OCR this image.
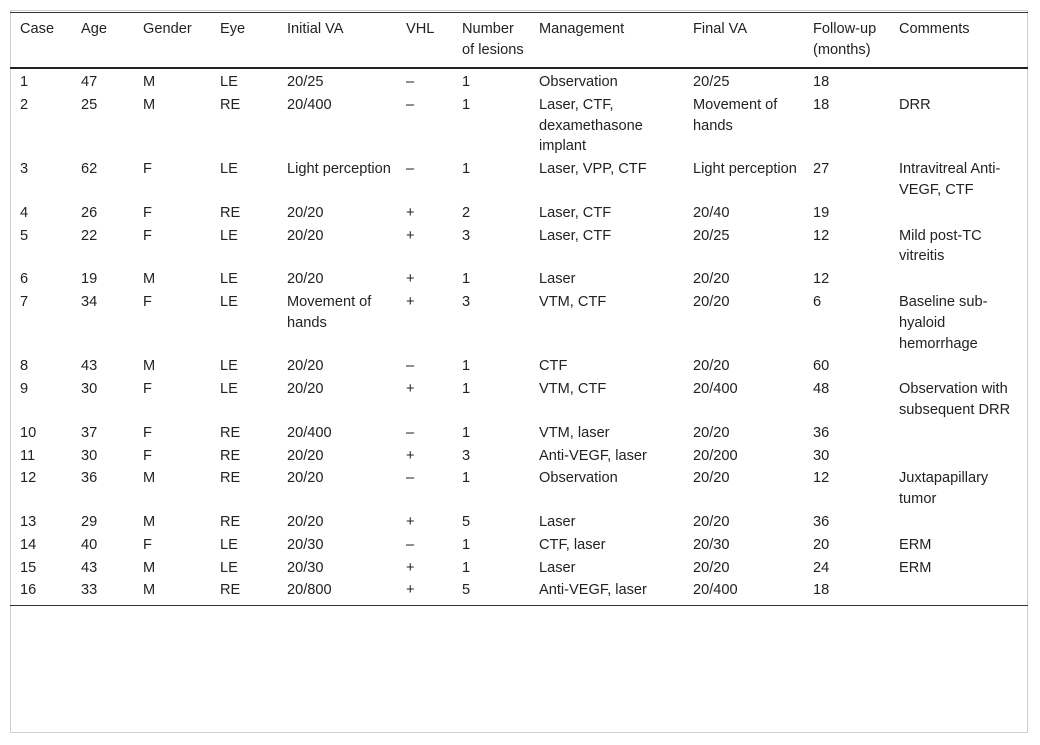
Case	Age	Gender	Eye	Initial VA	VHL	Number of lesions	Management	Final VA	Follow-up (months)	Comments
1	47	M	LE	20/25	–	1	Observation	20/25	18	
2	25	M	RE	20/400	–	1	Laser, CTF, dexamethasone implant	Movement of hands	18	DRR
3	62	F	LE	Light perception	–	1	Laser, VPP, CTF	Light perception	27	Intravitreal Anti-VEGF, CTF
4	26	F	RE	20/20	+	2	Laser, CTF	20/40	19	
5	22	F	LE	20/20	+	3	Laser, CTF	20/25	12	Mild post-TC vitreitis
6	19	M	LE	20/20	+	1	Laser	20/20	12	
7	34	F	LE	Movement of hands	+	3	VTM, CTF	20/20	6	Baseline sub-hyaloid hemorrhage
8	43	M	LE	20/20	–	1	CTF	20/20	60	
9	30	F	LE	20/20	+	1	VTM, CTF	20/400	48	Observation with subsequent DRR
10	37	F	RE	20/400	–	1	VTM, laser	20/20	36	
11	30	F	RE	20/20	+	3	Anti-VEGF, laser	20/200	30	
12	36	M	RE	20/20	–	1	Observation	20/20	12	Juxtapapillary tumor
13	29	M	RE	20/20	+	5	Laser	20/20	36	
14	40	F	LE	20/30	–	1	CTF, laser	20/30	20	ERM
15	43	M	LE	20/30	+	1	Laser	20/20	24	ERM
16	33	M	RE	20/800	+	5	Anti-VEGF, laser	20/400	18	
